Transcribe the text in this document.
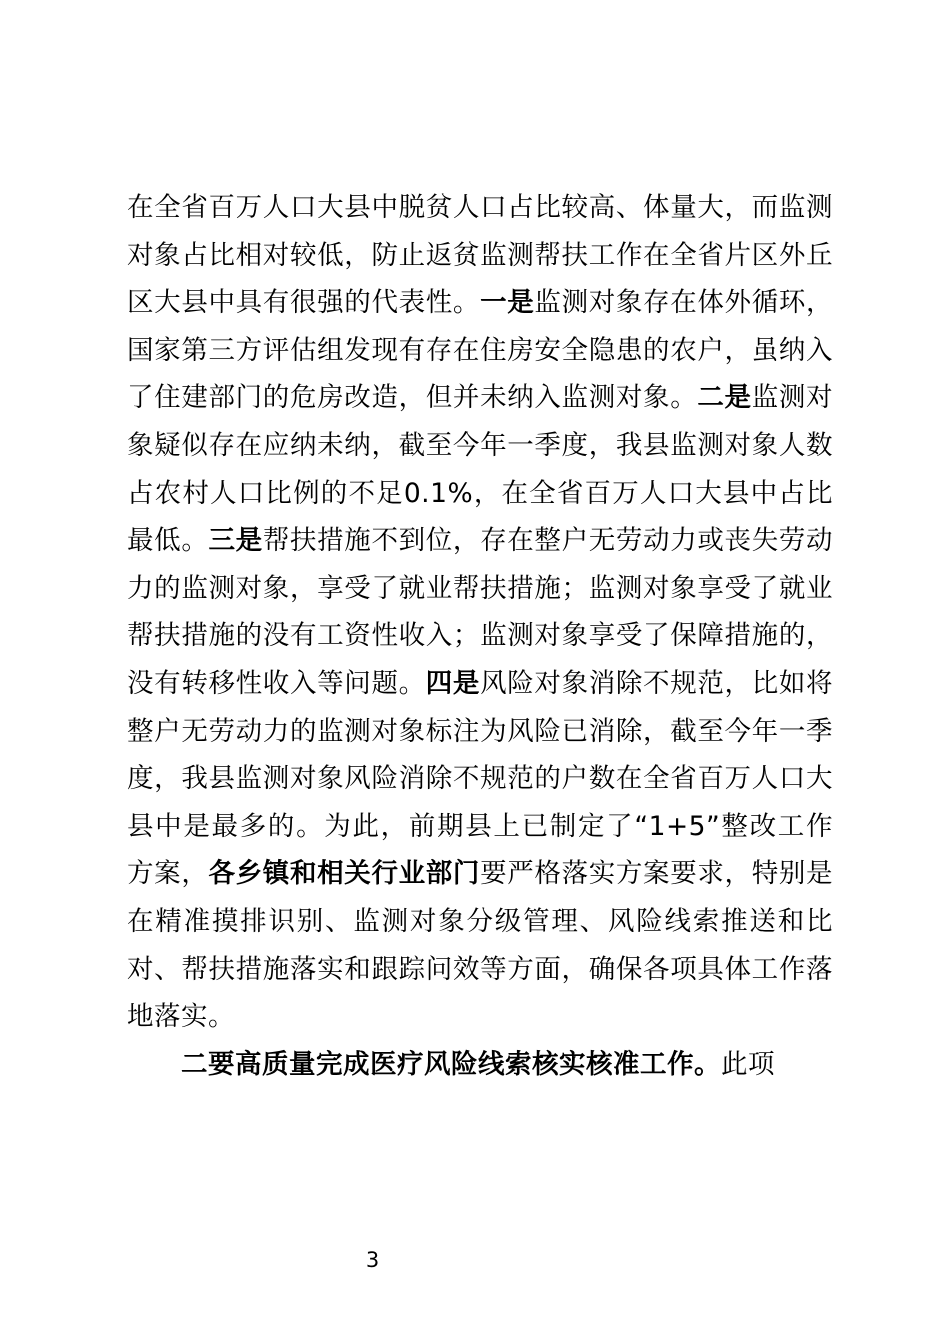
在全省百万人口大县中脱贫人口占比较高、体量大，而监测对象占比相对较低，防止返贫监测帮扶工作在全省片区外丘区大县中具有很强的代表性。一是监测对象存在体外循环，国家第三方评估组发现有存在住房安全隐患的农户，虽纳入了住建部门的危房改造，但并未纳入监测对象。二是监测对象疑似存在应纳未纳，截至今年一季度，我县监测对象人数占农村人口比例的不足0.1%，在全省百万人口大县中占比最低。三是帮扶措施不到位，存在整户无劳动力或丧失劳动力的监测对象，享受了就业帮扶措施；监测对象享受了就业帮扶措施的没有工资性收入；监测对象享受了保障措施的，没有转移性收入等问题。四是风险对象消除不规范，比如将整户无劳动力的监测对象标注为风险已消除，截至今年一季度，我县监测对象风险消除不规范的户数在全省百万人口大县中是最多的。为此，前期县上已制定了“1+5”整改工作方案，各乡镇和相关行业部门要严格落实方案要求，特别是在精准摸排识别、监测对象分级管理、风险线索推送和比对、帮扶措施落实和跟踪问效等方面，确保各项具体工作落地落实。

二要高质量完成医疗风险线索核实核准工作。此项

3
